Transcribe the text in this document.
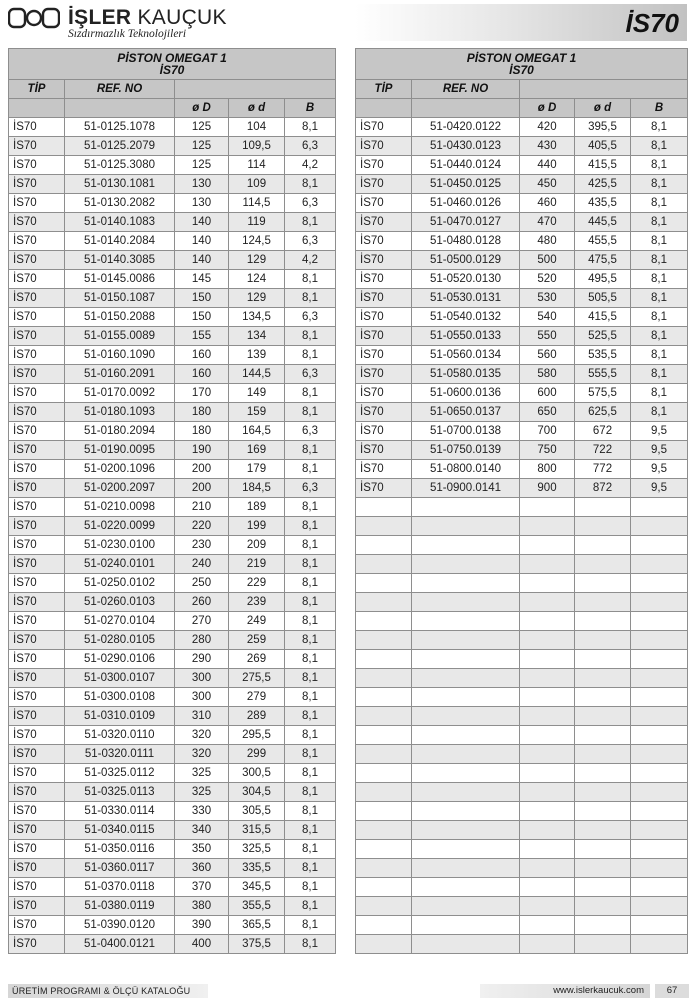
İŞLER KAUÇUK
Sızdırmazlık Teknolojileri	İS70
PİSTON OMEGAT 1
İS70				

TİP	REF. NO			
		ø D	ø d	B
İS70	51-0125.1078	125	104	8,1
İS70	51-0125.2079	125	109,5	6,3
İS70	51-0125.3080	125	114	4,2
İS70	51-0130.1081	130	109	8,1
İS70	51-0130.2082	130	114,5	6,3
İS70	51-0140.1083	140	119	8,1
İS70	51-0140.2084	140	124,5	6,3
İS70	51-0140.3085	140	129	4,2
İS70	51-0145.0086	145	124	8,1
İS70	51-0150.1087	150	129	8,1
İS70	51-0150.2088	150	134,5	6,3
İS70	51-0155.0089	155	134	8,1
İS70	51-0160.1090	160	139	8,1
İS70	51-0160.2091	160	144,5	6,3
İS70	51-0170.0092	170	149	8,1
İS70	51-0180.1093	180	159	8,1
İS70	51-0180.2094	180	164,5	6,3
İS70	51-0190.0095	190	169	8,1
İS70	51-0200.1096	200	179	8,1
İS70	51-0200.2097	200	184,5	6,3
İS70	51-0210.0098	210	189	8,1
İS70	51-0220.0099	220	199	8,1
İS70	51-0230.0100	230	209	8,1
İS70	51-0240.0101	240	219	8,1
İS70	51-0250.0102	250	229	8,1
İS70	51-0260.0103	260	239	8,1
İS70	51-0270.0104	270	249	8,1
İS70	51-0280.0105	280	259	8,1
İS70	51-0290.0106	290	269	8,1
İS70	51-0300.0107	300	275,5	8,1
İS70	51-0300.0108	300	279	8,1
İS70	51-0310.0109	310	289	8,1
İS70	51-0320.0110	320	295,5	8,1
İS70	51-0320.0111	320	299	8,1
İS70	51-0325.0112	325	300,5	8,1
İS70	51-0325.0113	325	304,5	8,1
İS70	51-0330.0114	330	305,5	8,1
İS70	51-0340.0115	340	315,5	8,1
İS70	51-0350.0116	350	325,5	8,1
İS70	51-0360.0117	360	335,5	8,1
İS70	51-0370.0118	370	345,5	8,1
İS70	51-0380.0119	380	355,5	8,1
İS70	51-0390.0120	390	365,5	8,1
İS70	51-0400.0121	400	375,5	8,1
PİSTON OMEGAT 1
İS70				

TİP	REF. NO			
		ø D	ø d	B
İS70	51-0420.0122	420	395,5	8,1
İS70	51-0430.0123	430	405,5	8,1
İS70	51-0440.0124	440	415,5	8,1
İS70	51-0450.0125	450	425,5	8,1
İS70	51-0460.0126	460	435,5	8,1
İS70	51-0470.0127	470	445,5	8,1
İS70	51-0480.0128	480	455,5	8,1
İS70	51-0500.0129	500	475,5	8,1
İS70	51-0520.0130	520	495,5	8,1
İS70	51-0530.0131	530	505,5	8,1
İS70	51-0540.0132	540	415,5	8,1
İS70	51-0550.0133	550	525,5	8,1
İS70	51-0560.0134	560	535,5	8,1
İS70	51-0580.0135	580	555,5	8,1
İS70	51-0600.0136	600	575,5	8,1
İS70	51-0650.0137	650	625,5	8,1
İS70	51-0700.0138	700	672	9,5
İS70	51-0750.0139	750	722	9,5
İS70	51-0800.0140	800	772	9,5
İS70	51-0900.0141	900	872	9,5

ÜRETİM PROGRAMI & ÖLÇÜ KATALOĞU	www.islerkaucuk.com	67
